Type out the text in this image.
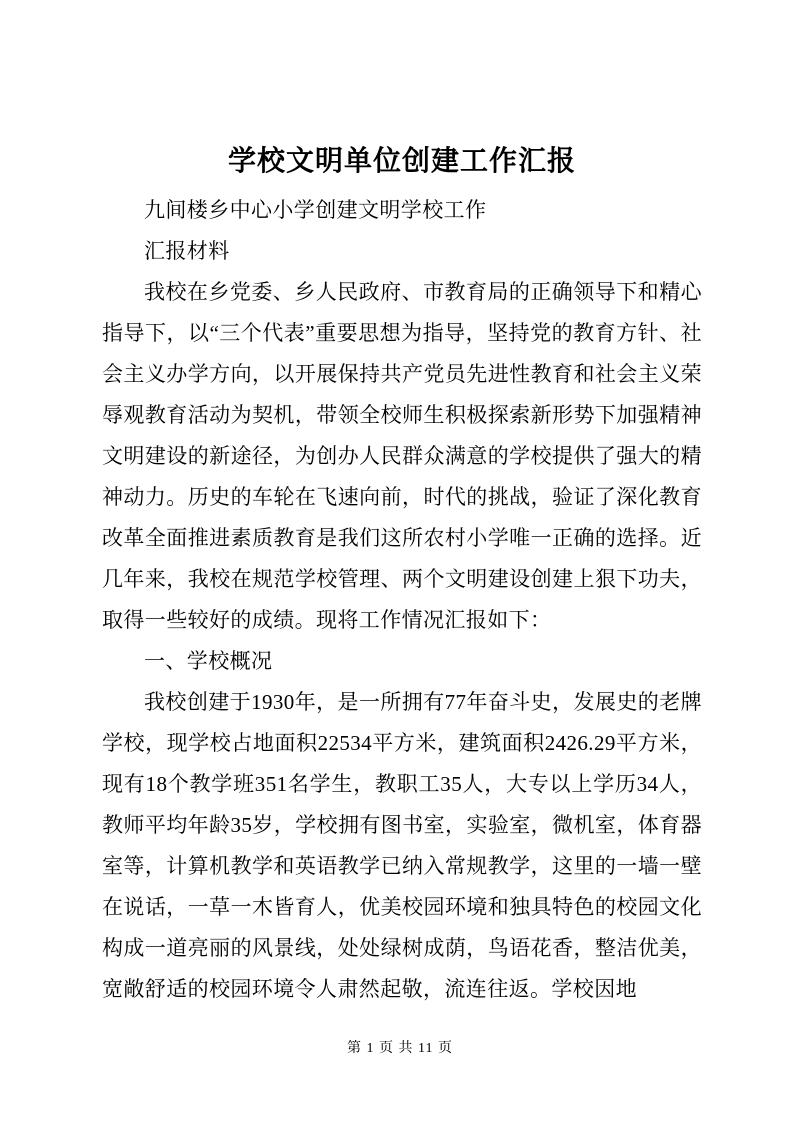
学校文明单位创建工作汇报

九间楼乡中心小学创建文明学校工作

汇报材料

我校在乡党委、乡人民政府、市教育局的正确领导下和精心指导下，以“三个代表”重要思想为指导，坚持党的教育方针、社会主义办学方向，以开展保持共产党员先进性教育和社会主义荣辱观教育活动为契机，带领全校师生积极探索新形势下加强精神文明建设的新途径，为创办人民群众满意的学校提供了强大的精神动力。历史的车轮在飞速向前，时代的挑战，验证了深化教育改革全面推进素质教育是我们这所农村小学唯一正确的选择。近几年来，我校在规范学校管理、两个文明建设创建上狠下功夫，取得一些较好的成绩。现将工作情况汇报如下：

一、学校概况

我校创建于1930年，是一所拥有77年奋斗史，发展史的老牌学校，现学校占地面积22534平方米，建筑面积2426.29平方米，现有18个教学班351名学生，教职工35人，大专以上学历34人，教师平均年龄35岁，学校拥有图书室，实验室，微机室，体育器室等，计算机教学和英语教学已纳入常规教学，这里的一墙一壁在说话，一草一木皆育人，优美校园环境和独具特色的校园文化构成一道亮丽的风景线，处处绿树成荫，鸟语花香，整洁优美，宽敞舒适的校园环境令人肃然起敬，流连往返。学校因地

第 1 页 共 11 页
